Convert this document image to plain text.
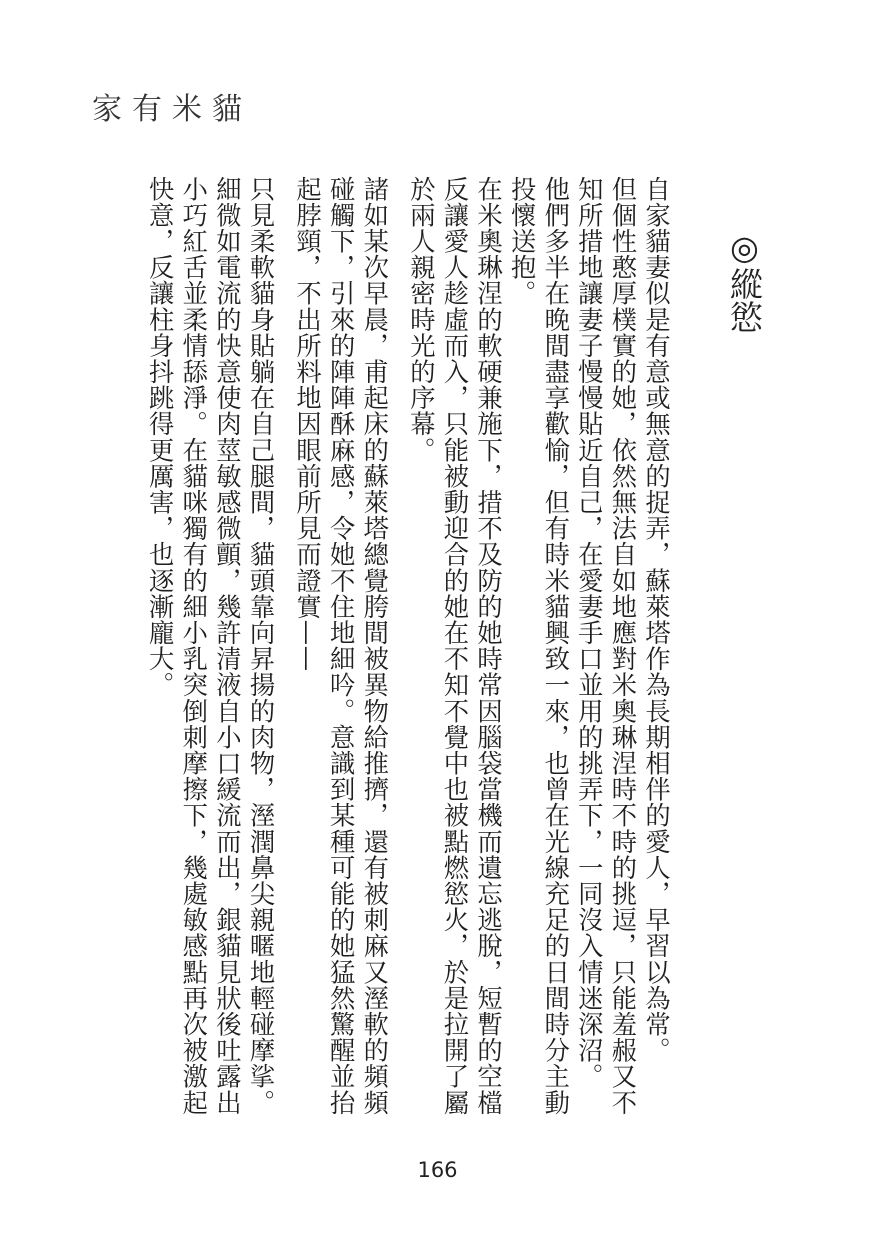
家有米貓
◎縱慾

自家貓妻似是有意或無意的捉弄，蘇萊塔作為長期相伴的愛人，早習以為常。

但個性憨厚樸實的她，依然無法自如地應對米奧琳涅時不時的挑逗，只能羞赧又不知所措地讓妻子慢慢貼近自己，在愛妻手口並用的挑弄下，一同沒入情迷深沼。

他們多半在晚間盡享歡愉，但有時米貓興致一來，也曾在光線充足的日間時分主動投懷送抱。

在米奧琳涅的軟硬兼施下，措不及防的她時常因腦袋當機而遺忘逃脫，短暫的空檔反讓愛人趁虛而入，只能被動迎合的她在不知不覺中也被點燃慾火，於是拉開了屬於兩人親密時光的序幕。

諸如某次早晨，甫起床的蘇萊塔總覺胯間被異物給推擠，還有被刺麻又溼軟的頻頻碰觸下，引來的陣陣酥麻感，令她不住地細吟。意識到某種可能的她猛然驚醒並抬起脖頸，不出所料地因眼前所見而證實——

只見柔軟貓身貼躺在自己腿間，貓頭靠向昇揚的肉物，溼潤鼻尖親暱地輕碰摩挲。

細微如電流的快意使肉莖敏感微顫，幾許清液自小口緩流而出，銀貓見狀後吐露出小巧紅舌並柔情舔淨。在貓咪獨有的細小乳突倒刺摩擦下，幾處敏感點再次被激起快意，反讓柱身抖跳得更厲害，也逐漸龐大。

166
